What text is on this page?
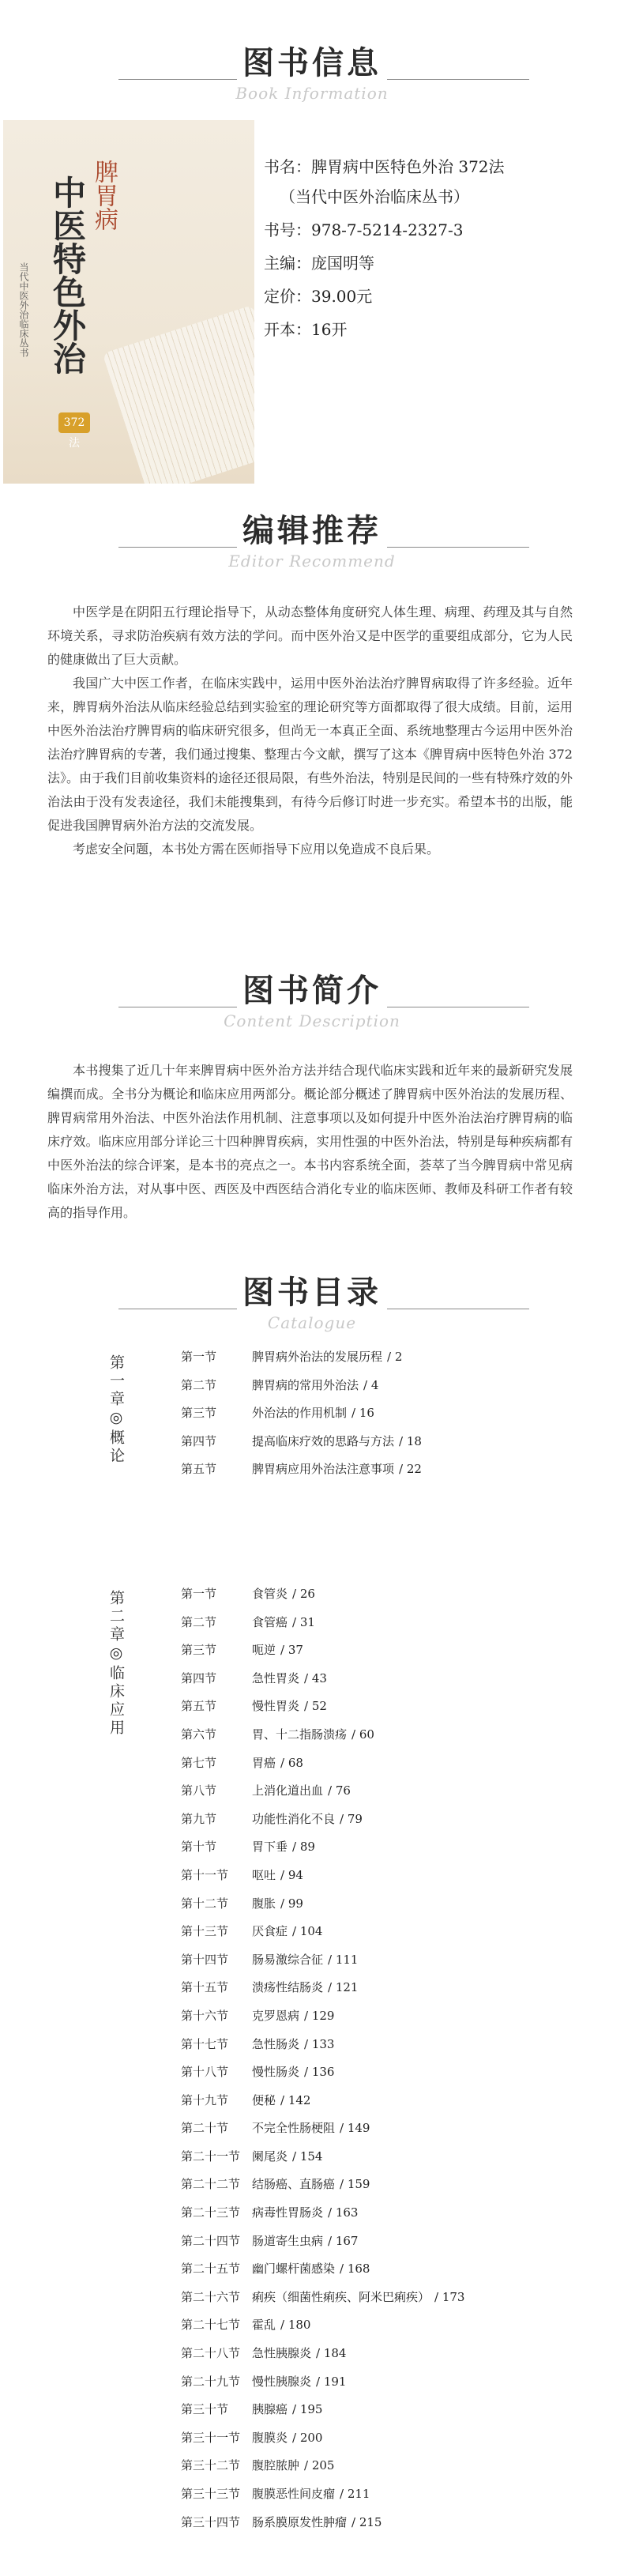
图书信息
Book Information
当代中医外治临床丛书
脾胃病
中医特色外治
372法
书名：脾胃病中医特色外治 372法
（当代中医外治临床丛书）
书号：978-7-5214-2327-3
主编：庞国明等
定价：39.00元
开本：16开
编辑推荐
Editor Recommend

中医学是在阴阳五行理论指导下，从动态整体角度研究人体生理、病理、药理及其与自然环境关系，寻求防治疾病有效方法的学问。而中医外治又是中医学的重要组成部分，它为人民的健康做出了巨大贡献。

我国广大中医工作者，在临床实践中，运用中医外治法治疗脾胃病取得了许多经验。近年来，脾胃病外治法从临床经验总结到实验室的理论研究等方面都取得了很大成绩。目前，运用中医外治法治疗脾胃病的临床研究很多，但尚无一本真正全面、系统地整理古今运用中医外治法治疗脾胃病的专著，我们通过搜集、整理古今文献，撰写了这本《脾胃病中医特色外治 372法》。由于我们目前收集资料的途径还很局限，有些外治法，特别是民间的一些有特殊疗效的外治法由于没有发表途径，我们未能搜集到，有待今后修订时进一步充实。希望本书的出版，能促进我国脾胃病外治方法的交流发展。

考虑安全问题，本书处方需在医师指导下应用以免造成不良后果。

图书简介
Content Description

本书搜集了近几十年来脾胃病中医外治方法并结合现代临床实践和近年来的最新研究发展编撰而成。全书分为概论和临床应用两部分。概论部分概述了脾胃病中医外治法的发展历程、脾胃病常用外治法、中医外治法作用机制、注意事项以及如何提升中医外治法治疗脾胃病的临床疗效。临床应用部分详论三十四种脾胃疾病，实用性强的中医外治法，特别是每种疾病都有中医外治法的综合评案，是本书的亮点之一。本书内容系统全面，荟萃了当今脾胃病中常见病临床外治方法，对从事中医、西医及中西医结合消化专业的临床医师、教师及科研工作者有较高的指导作用。

图书目录
Catalogue
第一章◎概论	第一节	脾胃病外治法的发展历程 / 2
第二节	脾胃病的常用外治法 / 4
第三节	外治法的作用机制 / 16
第四节	提高临床疗效的思路与方法 / 18
第五节	脾胃病应用外治法注意事项 / 22
第二章◎临床应用	第一节	食管炎 / 26
第二节	食管癌 / 31
第三节	呃逆 / 37
第四节	急性胃炎 / 43
第五节	慢性胃炎 / 52
第六节	胃、十二指肠溃疡 / 60
第七节	胃癌 / 68
第八节	上消化道出血 / 76
第九节	功能性消化不良 / 79
第十节	胃下垂 / 89
第十一节 呕吐 / 94
第十二节 腹胀 / 99
第十三节 厌食症 / 104
第十四节 肠易激综合征 / 111
第十五节 溃疡性结肠炎 / 121
第十六节 克罗恩病 / 129
第十七节 急性肠炎 / 133
第十八节 慢性肠炎 / 136
第十九节 便秘 / 142
第二十节 不完全性肠梗阻 / 149
第二十一节 阑尾炎 / 154
第二十二节 结肠癌、直肠癌 / 159
第二十三节 病毒性胃肠炎 / 163
第二十四节 肠道寄生虫病 / 167
第二十五节 幽门螺杆菌感染 / 168
第二十六节 痢疾（细菌性痢疾、阿米巴痢疾） / 173
第二十七节 霍乱 / 180
第二十八节 急性胰腺炎 / 184
第二十九节 慢性胰腺炎 / 191
第三十节 胰腺癌 / 195
第三十一节 腹膜炎 / 200
第三十二节 腹腔脓肿 / 205
第三十三节 腹膜恶性间皮瘤 / 211
第三十四节 肠系膜原发性肿瘤 / 215
